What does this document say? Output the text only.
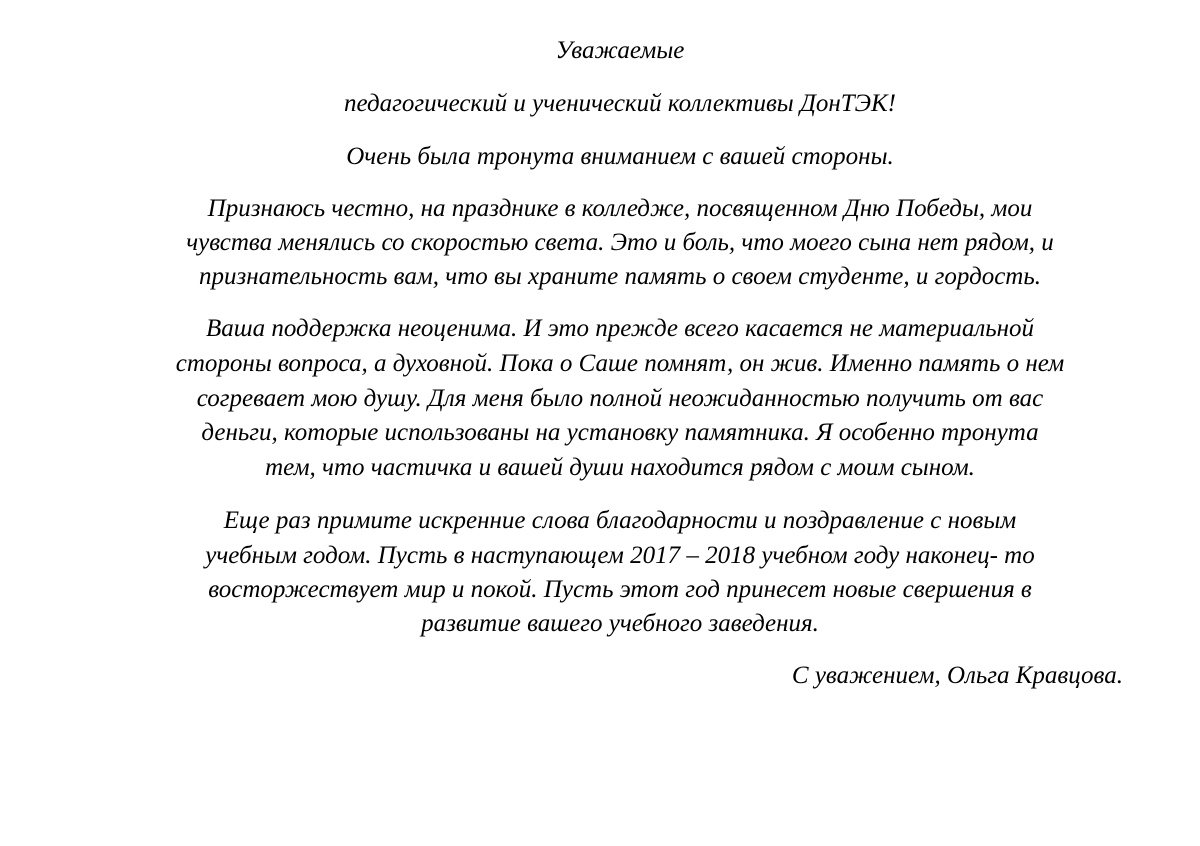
Уважаемые
педагогический и ученический коллективы ДонТЭК!
Очень была тронута вниманием с вашей стороны.
Признаюсь честно, на празднике в колледже, посвященном Дню Победы, мои
чувства менялись со скоростью света. Это и боль, что моего сына нет рядом, и
признательность вам, что вы храните память о своем студенте, и гордость.
Ваша поддержка неоценима. И это прежде всего касается не материальной
стороны вопроса, а духовной. Пока о Саше помнят, он жив. Именно память о нем
согревает мою душу. Для меня было полной неожиданностью получить от вас
деньги, которые использованы на установку памятника. Я особенно тронута
тем, что частичка и вашей души находится рядом с моим сыном.
Еще раз примите искренние слова благодарности и поздравление с новым
учебным годом. Пусть в наступающем 2017 – 2018 учебном году наконец- то
восторжествует мир и покой. Пусть этот год принесет новые свершения в
развитие вашего учебного заведения.
С уважением, Ольга Кравцова.
